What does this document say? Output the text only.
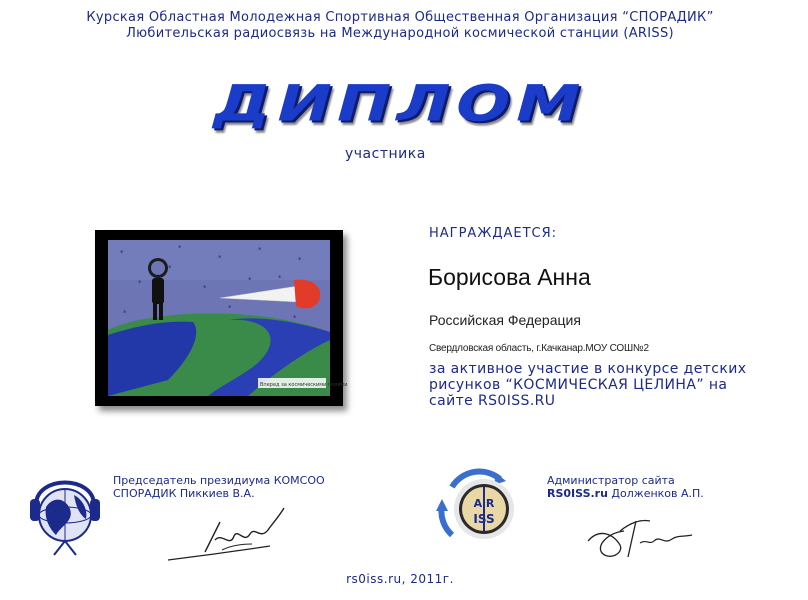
Курская Областная Молодежная Спортивная Общественная Организация “СПОРАДИК”
Любительская радиосвязь на Международной космической станции (ARISS)
ДИПЛОМ
участника
*
*
*
*
*
*
*
*
*
*
*
*
*
Вперед за космическими полями
НАГРАЖДАЕТСЯ:
Борисова Анна
Российская Федерация
Свердловская область, г.Качканар.МОУ СОШ№2
за активное участие в конкурсе детских рисунков “КОСМИЧЕСКАЯ ЦЕЛИНА” на сайте RS0ISS.RU
Председатель президиума КОМСОО
СПОРАДИК Пиккиев В.А.
A R
ISS
Администратор сайта
RS0ISS.ru Долженков А.П.
rs0iss.ru, 2011г.
